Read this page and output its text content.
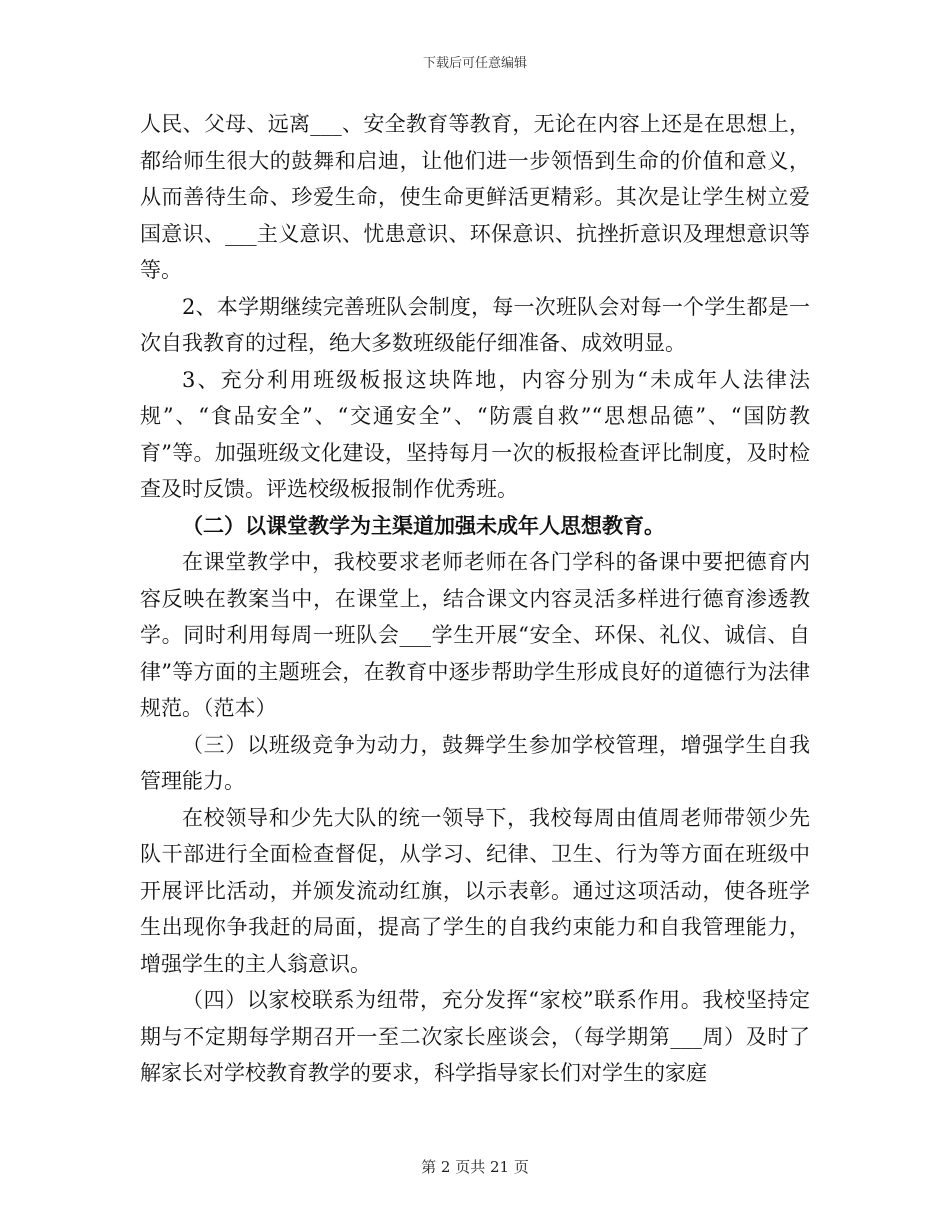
下载后可任意编辑

人民、父母、远离___、安全教育等教育，无论在内容上还是在思想上，都给师生很大的鼓舞和启迪，让他们进一步领悟到生命的价值和意义，从而善待生命、珍爱生命，使生命更鲜活更精彩。其次是让学生树立爱国意识、___主义意识、忧患意识、环保意识、抗挫折意识及理想意识等等。

2、本学期继续完善班队会制度，每一次班队会对每一个学生都是一次自我教育的过程，绝大多数班级能仔细准备、成效明显。

3、充分利用班级板报这块阵地，内容分别为“未成年人法律法规”、“食品安全”、“交通安全”、“防震自救”“思想品德”、“国防教育”等。加强班级文化建设，坚持每月一次的板报检查评比制度，及时检查及时反馈。评选校级板报制作优秀班。

（二）以课堂教学为主渠道加强未成年人思想教育。

在课堂教学中，我校要求老师老师在各门学科的备课中要把德育内容反映在教案当中，在课堂上，结合课文内容灵活多样进行德育渗透教学。同时利用每周一班队会___学生开展“安全、环保、礼仪、诚信、自律”等方面的主题班会，在教育中逐步帮助学生形成良好的道德行为法律规范。（范本）

（三）以班级竞争为动力，鼓舞学生参加学校管理，增强学生自我管理能力。

在校领导和少先大队的统一领导下，我校每周由值周老师带领少先队干部进行全面检查督促，从学习、纪律、卫生、行为等方面在班级中开展评比活动，并颁发流动红旗，以示表彰。通过这项活动，使各班学生出现你争我赶的局面，提高了学生的自我约束能力和自我管理能力，增强学生的主人翁意识。

（四）以家校联系为纽带，充分发挥“家校”联系作用。我校坚持定期与不定期每学期召开一至二次家长座谈会，（每学期第___周）及时了解家长对学校教育教学的要求，科学指导家长们对学生的家庭

第 2 页共 21 页
